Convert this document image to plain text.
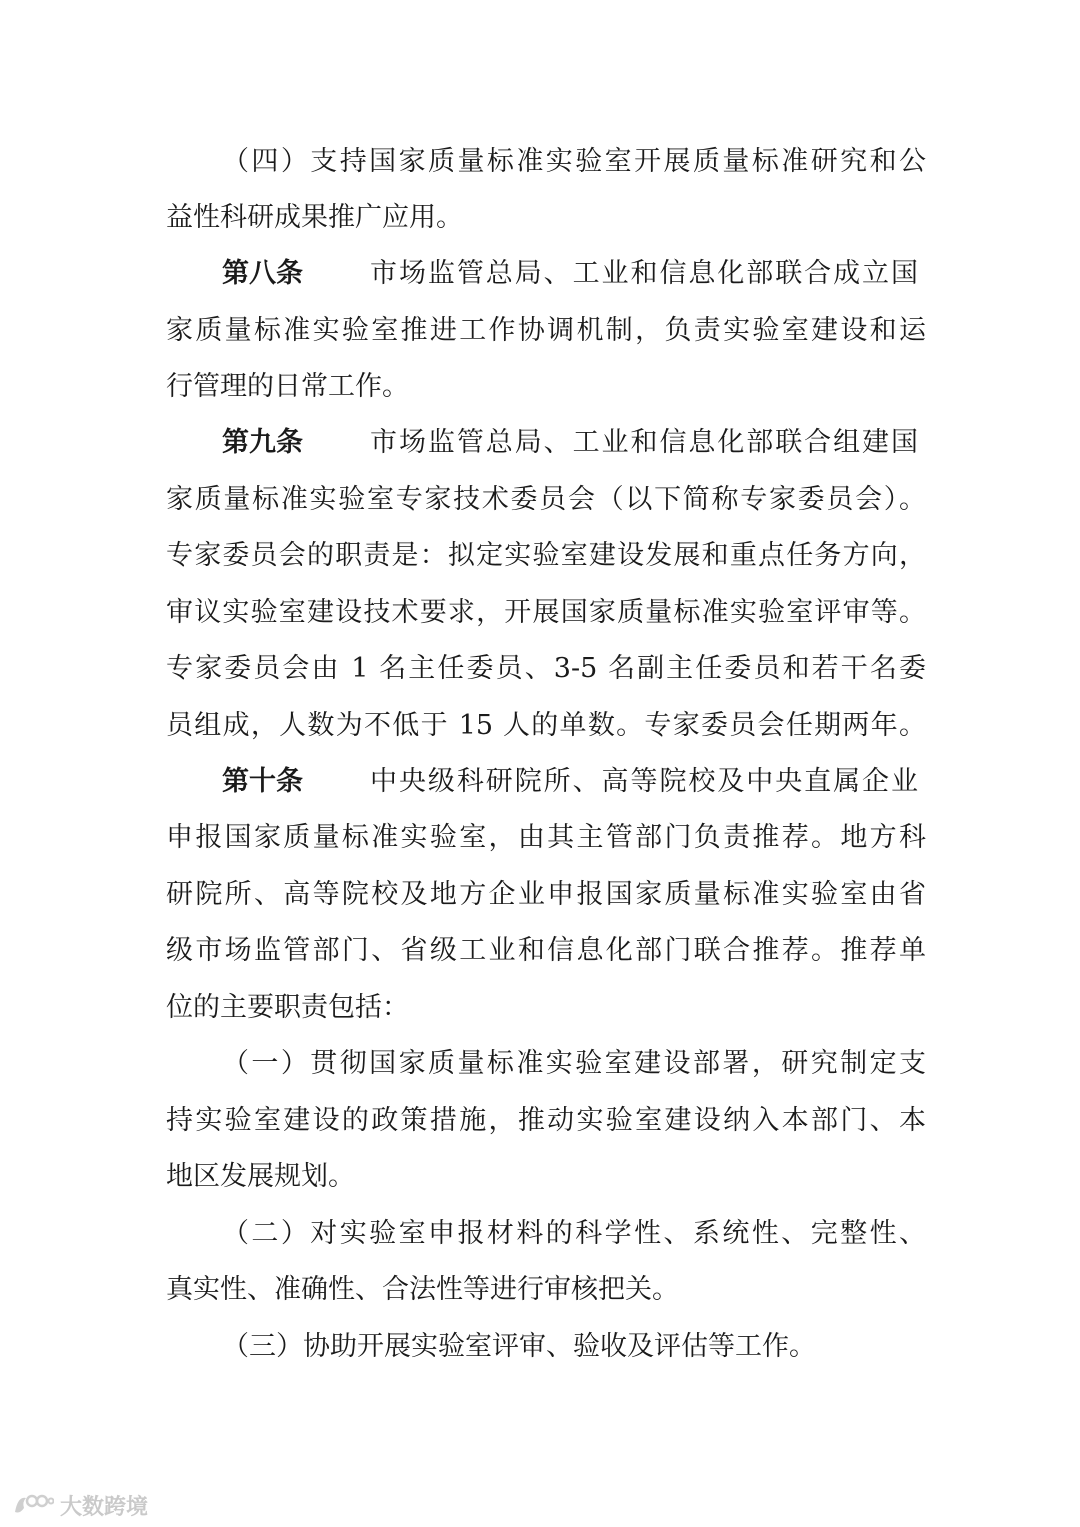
（四）支持国家质量标准实验室开展质量标准研究和公
益性科研成果推广应用。
第八条 市场监管总局、工业和信息化部联合成立国
家质量标准实验室推进工作协调机制，负责实验室建设和运
行管理的日常工作。
第九条 市场监管总局、工业和信息化部联合组建国
家质量标准实验室专家技术委员会（以下简称专家委员会）。
专家委员会的职责是：拟定实验室建设发展和重点任务方向，
审议实验室建设技术要求，开展国家质量标准实验室评审等。
专家委员会由 1 名主任委员、3-5 名副主任委员和若干名委
员组成，人数为不低于 15 人的单数。专家委员会任期两年。
第十条 中央级科研院所、高等院校及中央直属企业
申报国家质量标准实验室，由其主管部门负责推荐。地方科
研院所、高等院校及地方企业申报国家质量标准实验室由省
级市场监管部门、省级工业和信息化部门联合推荐。推荐单
位的主要职责包括：
（一）贯彻国家质量标准实验室建设部署，研究制定支
持实验室建设的政策措施，推动实验室建设纳入本部门、本
地区发展规划。
（二）对实验室申报材料的科学性、系统性、完整性、
真实性、准确性、合法性等进行审核把关。
（三）协助开展实验室评审、验收及评估等工作。
大数跨境
